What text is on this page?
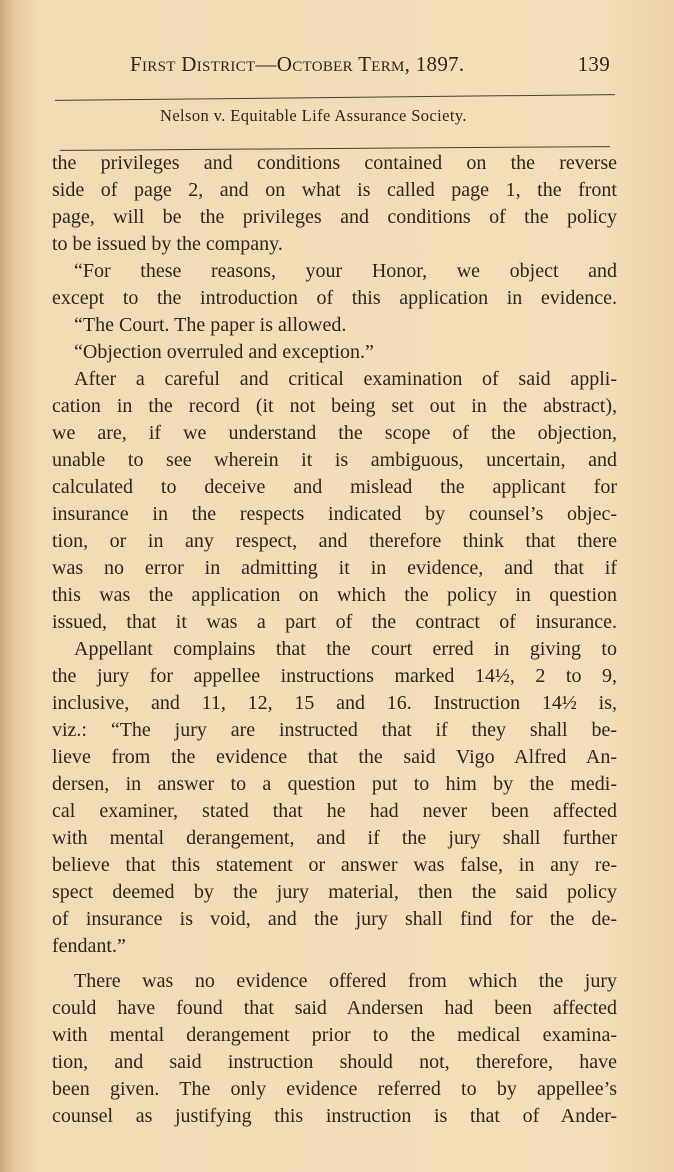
First District—October Term, 1897.	139
Nelson v. Equitable Life Assurance Society.
the privileges and conditions contained on the reverse
side of page 2, and on what is called page 1, the front
page, will be the privileges and conditions of the policy
to be issued by the company.
“For these reasons, your Honor, we object and
except to the introduction of this application in evidence.
“The Court. The paper is allowed.
“Objection overruled and exception.”
After a careful and critical examination of said appli-
cation in the record (it not being set out in the abstract),
we are, if we understand the scope of the objection,
unable to see wherein it is ambiguous, uncertain, and
calculated to deceive and mislead the applicant for
insurance in the respects indicated by counsel’s objec-
tion, or in any respect, and therefore think that there
was no error in admitting it in evidence, and that if
this was the application on which the policy in question
issued, that it was a part of the contract of insurance.
Appellant complains that the court erred in giving to
the jury for appellee instructions marked 14½, 2 to 9,
inclusive, and 11, 12, 15 and 16. Instruction 14½ is,
viz.: “The jury are instructed that if they shall be-
lieve from the evidence that the said Vigo Alfred An-
dersen, in answer to a question put to him by the medi-
cal examiner, stated that he had never been affected
with mental derangement, and if the jury shall further
believe that this statement or answer was false, in any re-
spect deemed by the jury material, then the said policy
of insurance is void, and the jury shall find for the de-
fendant.”
There was no evidence offered from which the jury
could have found that said Andersen had been affected
with mental derangement prior to the medical examina-
tion, and said instruction should not, therefore, have
been given. The only evidence referred to by appellee’s
counsel as justifying this instruction is that of Ander-
